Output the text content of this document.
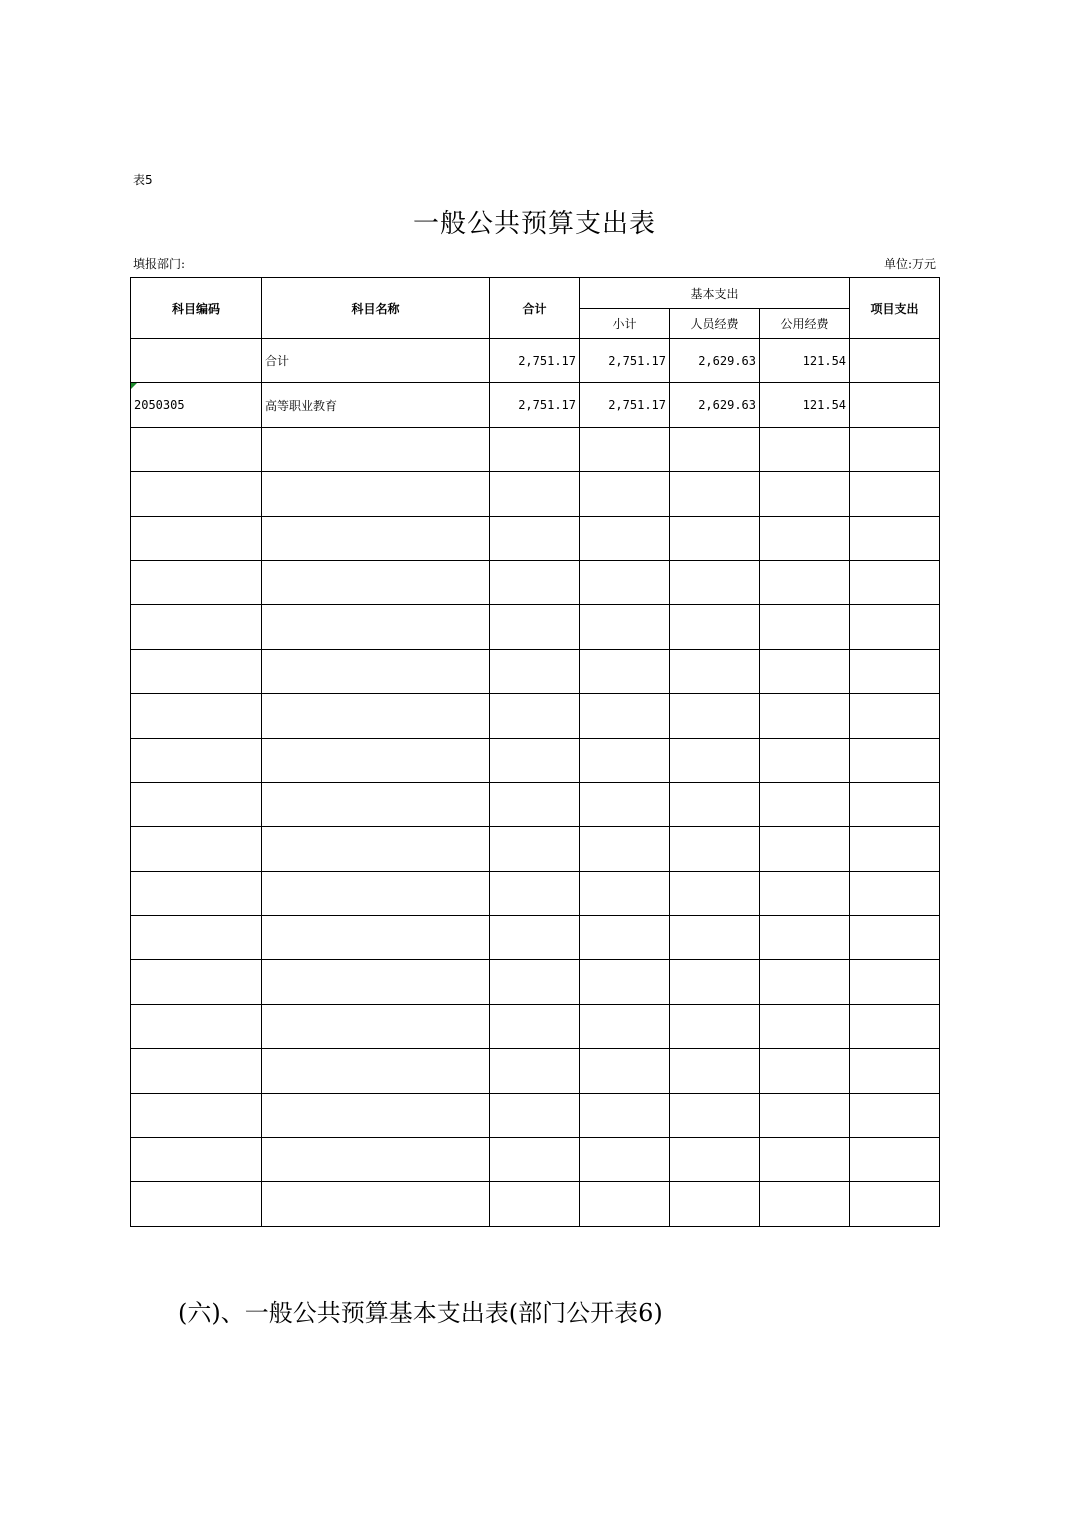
表5
一般公共预算支出表
填报部门:	单位:万元
科目编码	科目名称	合计	基本支出			项目支出
			小计	人员经费	公用经费	
	合计	2,751.17	2,751.17	2,629.63	121.54	

2050305	高等职业教育	2,751.17	2,751.17	2,629.63	121.54	

(六)、一般公共预算基本支出表(部门公开表6)
